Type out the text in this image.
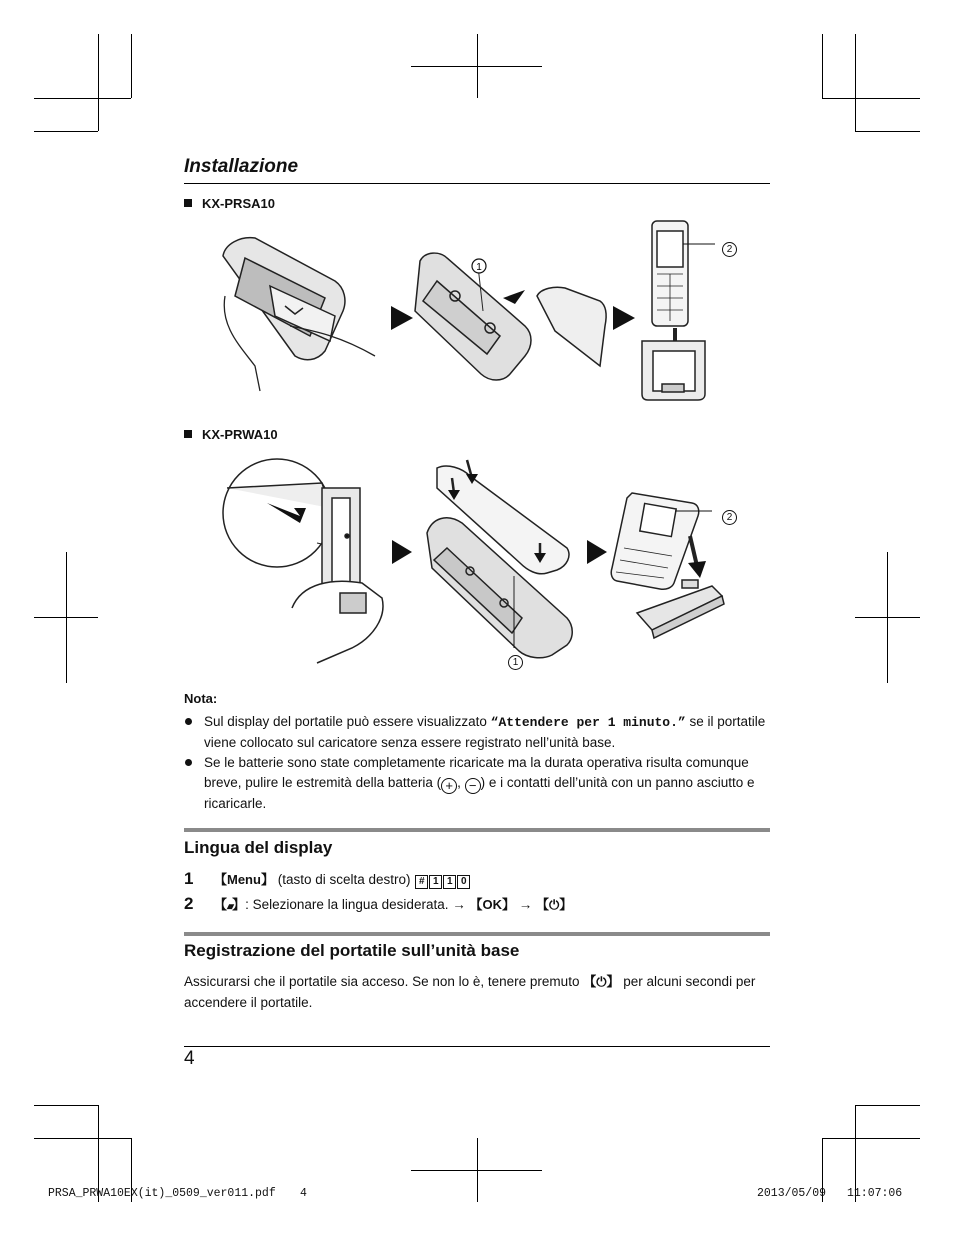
Installazione
KX-PRSA10
1
2
KX-PRWA10
2
1
Nota:
Sul display del portatile può essere visualizzato “Attendere per 1 minuto.” se il portatile viene collocato sul caricatore senza essere registrato nell’unità base.
Se le batterie sono state completamente ricaricate ma la durata operativa risulta comunque breve, pulire le estremità della batteria ( + , − ) e i contatti dell’unità con un panno asciutto e ricaricarle.
Lingua del display
1 【Menu】 (tasto di scelta destro) # 1 1 0
2 【▴▾】: Selezionare la lingua desiderata. → 【OK】 → 【⏻】
Registrazione del portatile sull’unità base
Assicurarsi che il portatile sia acceso. Se non lo è, tenere premuto 【⏻】 per alcuni secondi per accendere il portatile.
4
PRSA_PRWA10EX(it)_0509_ver011.pdf 4	2013/05/09 11:07:06
